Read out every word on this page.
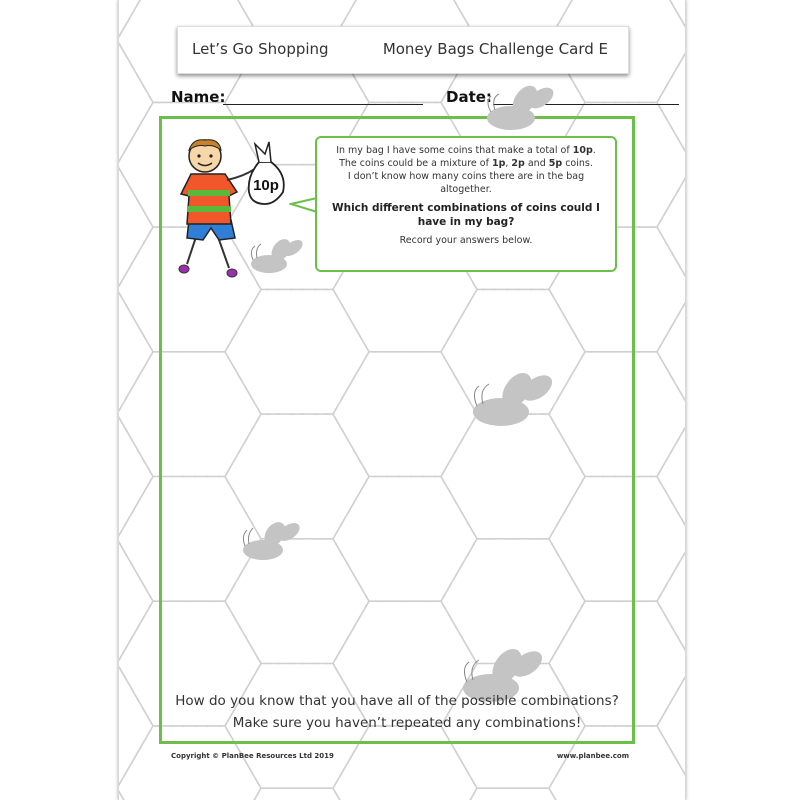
Let’s Go Shopping	Money Bags Challenge Card E
Name:	Date:
10p
In my bag I have some coins that make a total of 10p.
The coins could be a mixture of 1p, 2p and 5p coins.
I don’t know how many coins there are in the bag altogether.
Which different combinations of coins could I have in my bag?
Record your answers below.
How do you know that you have all of the possible combinations?
Make sure you haven’t repeated any combinations!
Copyright © PlanBee Resources Ltd 2019	www.planbee.com
